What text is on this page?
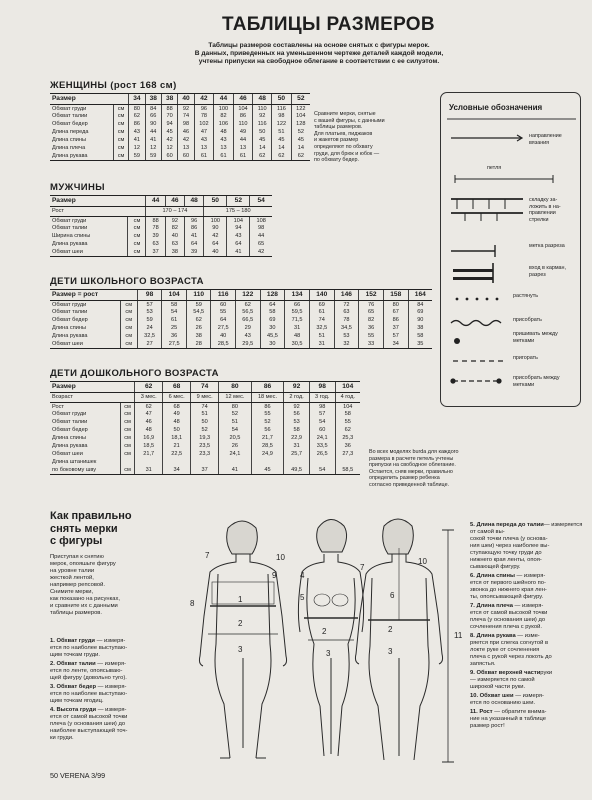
ТАБЛИЦЫ РАЗМЕРОВ
Таблицы размеров составлены на основе снятых с фигуры мерок.
В данных, приведенных на уменьшенном чертеже деталей каждой модели,
учтены припуски на свободное облегание в соответствии с ее силуэтом.
ЖЕНЩИНЫ (рост 168 см)
Размер		34	38	38	40	42	44	46	48	50	52
Обхват груди	см	80	84	88	92	96	100	104	110	116	122
Обхват талии	см	62	66	70	74	78	82	86	92	98	104
Обхват бедер	см	86	90	94	98	102	106	110	116	122	128
Длина переда	см	43	44	45	46	47	48	49	50	51	52
Длина спины	см	41	41	42	42	43	43	44	45	45	45
Длина плеча	см	12	12	12	13	13	13	13	14	14	14
Длина рукава	см	59	59	60	60	61	61	61	62	62	62
Сравните мерки, снятые
с вашей фигуры, с данными
таблицы размеров.
Для платьев, пиджаков
и жакетов размер
определяют по обхвату
груди, для брюк и юбок —
по обхвату бедер.
МУЖЧИНЫ
Размер		44	46	48	50	52	54
Рост		170 – 174			175 – 180		
Обхват груди	см	88	92	96	100	104	108
Обхват талии	см	78	82	86	90	94	98
Ширина спины	см	39	40	41	42	43	44
Длина рукава	см	63	63	64	64	64	65
Обхват шеи	см	37	38	39	40	41	42
ДЕТИ ШКОЛЬНОГО ВОЗРАСТА
Размер = рост		98	104	110	116	122	128	134	140	146	152	158	164
Обхват груди	см	57	58	59	60	62	64	66	69	72	76	80	84
Обхват талии	см	53	54	54,5	55	56,5	58	59,5	61	63	65	67	69
Обхват бедер	см	59	61	62	64	66,5	69	71,5	74	78	82	86	90
Длина спины	см	24	25	26	27,5	29	30	31	32,5	34,5	36	37	38
Длина рукава	см	32,5	36	38	40	43	45,5	48	51	53	55	57	58
Обхват шеи	см	27	27,5	28	28,5	29,5	30	30,5	31	32	33	34	35
ДЕТИ ДОШКОЛЬНОГО ВОЗРАСТА
Размер		62	68	74	80	86	92	98	104
Возраст		3 мес.	6 мес.	9 мес.	12 мес.	18 мес.	2 год.	3 год.	4 год.
Рост	см	62	68	74	80	86	92	98	104
Обхват груди	см	47	49	51	52	55	56	57	58
Обхват талии	см	46	48	50	51	52	53	54	55
Обхват бедер	см	48	50	52	54	56	58	60	62
Длина спины	см	16,9	18,1	19,3	20,5	21,7	22,9	24,1	25,3
Длина рукава	см	18,5	21	23,5	26	28,5	31	33,5	36
Обхват шеи	см	21,7	22,5	23,3	24,1	24,9	25,7	26,5	27,3
Длина штанишек									
по боковому шву	см	31	34	37	41	45	49,5	54	58,5
Во всех моделях burda для каждого
размера в расчете петель учтены
припуски на свободное облегание.
Остается, сняв мерки, правильно
определить размер ребенка
согласно приведенной таблице.
Условные обозначения
направление
вязания
петля
складку за-
ложить в на-
правлении
стрелки
метка разреза
вход в карман,
разрез
растянуть
присобрать
пришивать между
метками
пригорать
присобрать между
метками
Как правильно
снять мерки
с фигуры
Приступая к снятию
мерок, опояшьте фигуру
на уровне талии
жесткой лентой,
например репсовой.
Снимите мерки,
как показано на рисунках,
и сравните их с данными
таблицы размеров.
1. Обхват груди — измеря-
ется по наиболее выступаю-
щим точкам груди.
2. Обхват талии — измеря-
ется по ленте, опоясываю-
щей фигуру (довольно туго).
3. Обхват бедер — измеря-
ется по наиболее выступаю-
щим точкам ягодиц.
4. Высота груди — измеря-
ется от самой высокой точки
плеча (у основания шеи) до
наиболее выступающей точ-
ки груди.
5. Длина переда до талии— измеряется от самой вы-
сокой точки плеча (у основа-
ния шеи) через наиболее вы-
ступающую точку груди до
нижнего края ленты, опоя-
сывающей фигуру.
6. Длина спины — измеря-
ется от первого шейного по-
звонка до нижнего края лен-
ты, опоясывающей фигуру.
7. Длина плеча — измеря-
ется от самой высокой точки
плеча (у основания шеи) до
сочленения плеча с рукой.
8. Длина рукава — изме-
ряется при слегка согнутой в
локте руке от сочленения
плеча с рукой через локоть до
запястья.
9. Обхват верхней частируки
— измеряется по самой
широкой части руки.
10. Обхват шеи — измеря-
ется по основанию шеи.
11. Рост — обратите внима-
ние на указанный в таблице
размер рост!
7	10
9
8	1
2
3
4
2
3
5
10
7
6
2
3
11
50 VERENA 3/99
